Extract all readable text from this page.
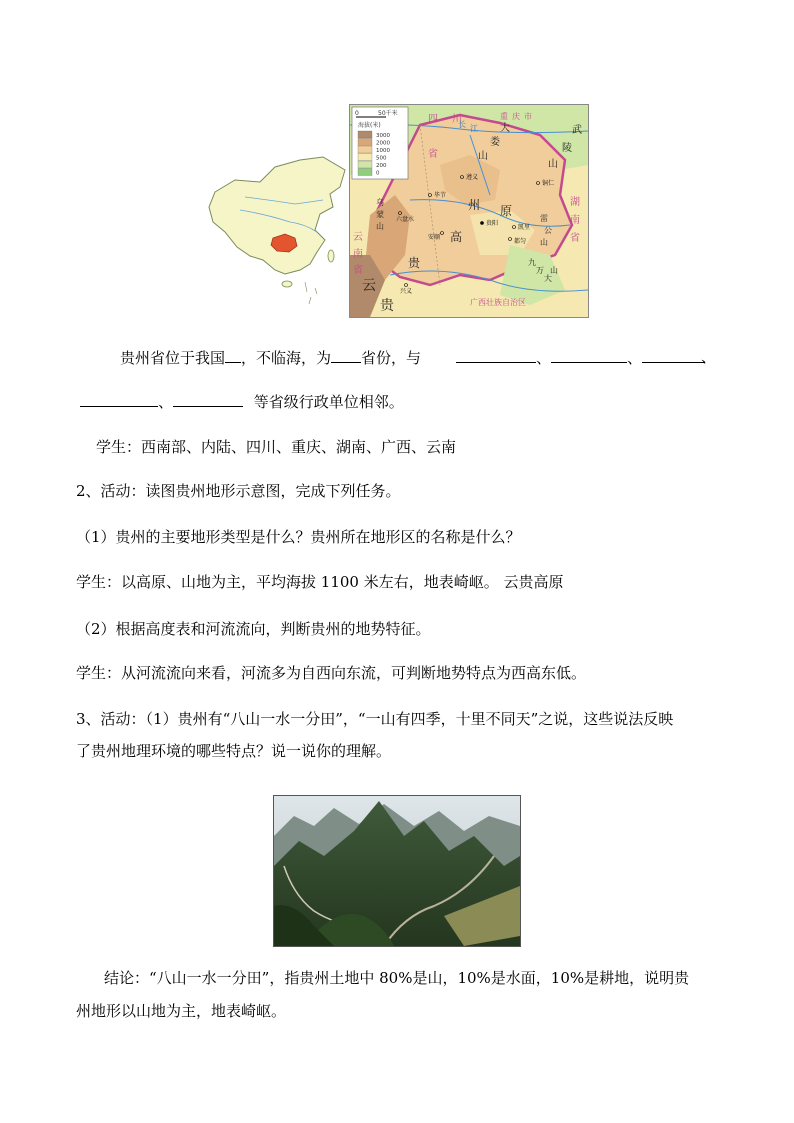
0	50千米
海拔(米)
3000
2000
1000
500
200
0
四 川
省
重 庆 市
湖
南
省
云
南
省
广西壮族自治区
大
娄
山
武
陵
山
乌
蒙
山
贵
州
高
原
雷
公
山
九
万
大
山
长 江
云
贵
毕节
遵义
铜仁
六盘水
贵阳
安顺
凯里
都匀
兴义
贵州省位于我国 ，不临海，为 省份，与	、	、	、
、	等省级行政单位相邻。
学生：西南部、内陆、四川、重庆、湖南、广西、云南
2、活动：读图贵州地形示意图，完成下列任务。
（1）贵州的主要地形类型是什么？贵州所在地形区的名称是什么？
学生：以高原、山地为主，平均海拔 1100 米左右，地表崎岖。 云贵高原
（2）根据高度表和河流流向，判断贵州的地势特征。
学生：从河流流向来看，河流多为自西向东流，可判断地势特点为西高东低。
3、活动：（1）贵州有“八山一水一分田”，“一山有四季，十里不同天”之说，这些说法反映
了贵州地理环境的哪些特点？说一说你的理解。
结论：“八山一水一分田”，指贵州土地中 80%是山，10%是水面，10%是耕地，说明贵
州地形以山地为主，地表崎岖。
